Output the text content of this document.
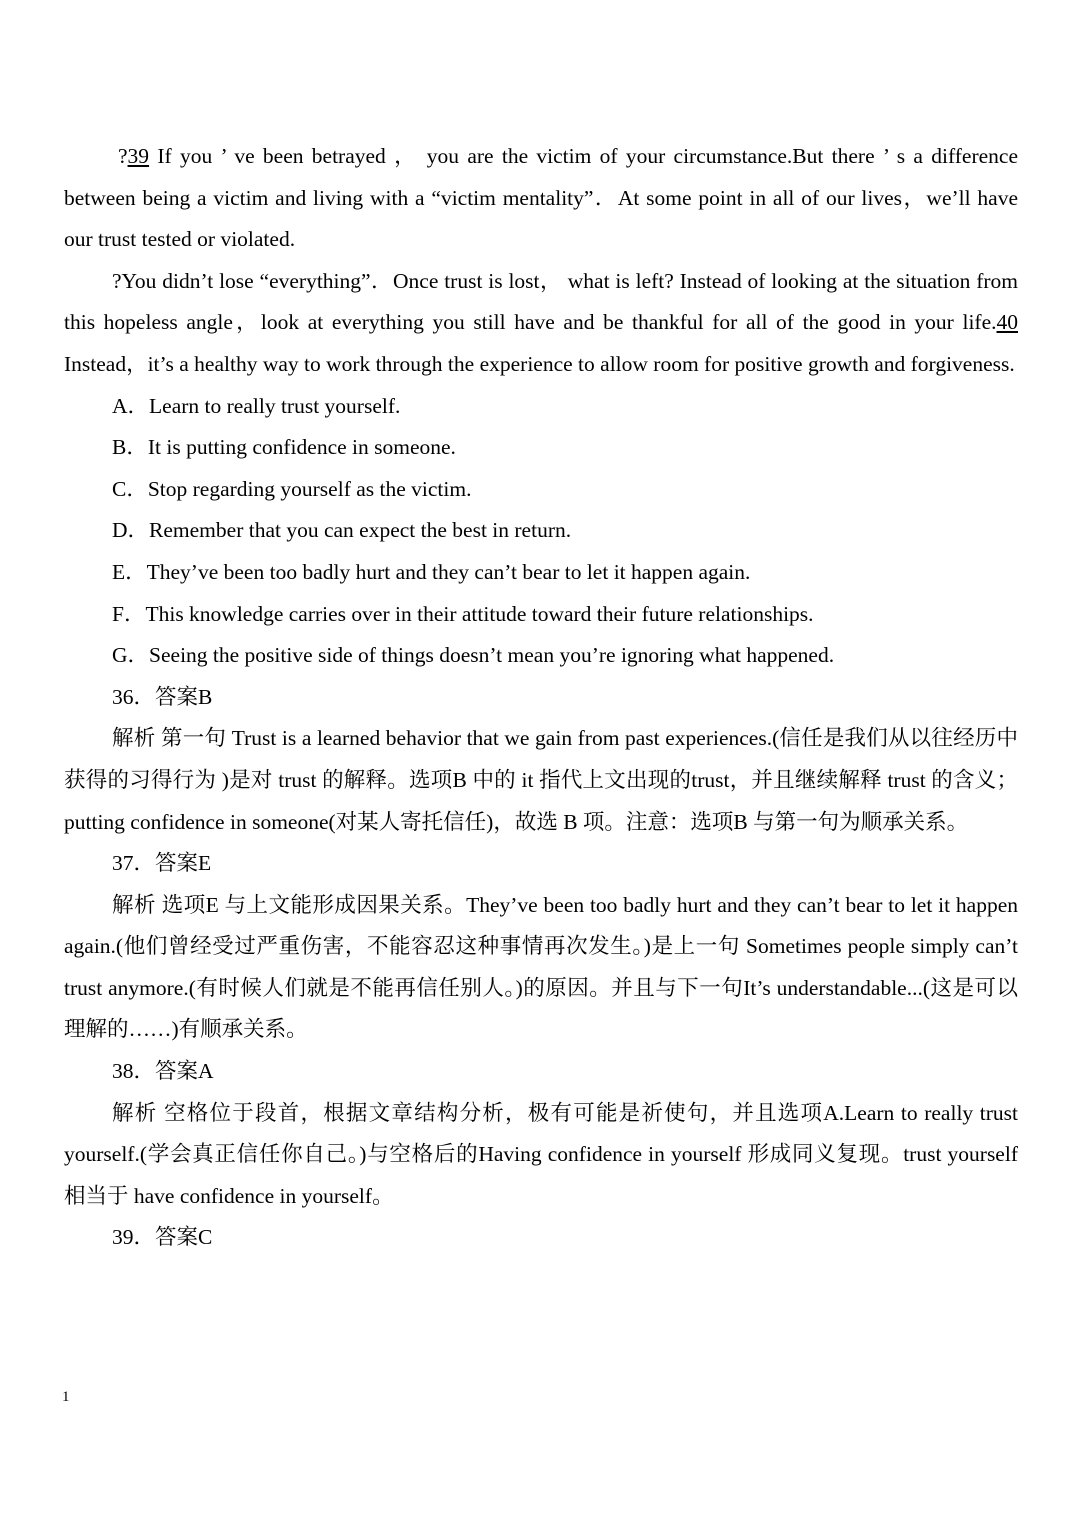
?39 If you ’ ve been betrayed ， you are the victim of your circumstance.But there ’ s a difference between being a victim and living with a “victim mentality”．At some point in all of our lives，we’ll have our trust tested or violated.

?You didn’t lose “everything”．Once trust is lost， what is left? Instead of looking at the situation from this hopeless angle，look at everything you still have and be thankful for all of the good in your life.40 Instead，it’s a healthy way to work through the experience to allow room for positive growth and forgiveness.

A．Learn to really trust yourself.

B．It is putting confidence in someone.

C．Stop regarding yourself as the victim.

D．Remember that you can expect the best in return.

E．They’ve been too badly hurt and they can’t bear to let it happen again.

F．This knowledge carries over in their attitude toward their future relationships.

G．Seeing the positive side of things doesn’t mean you’re ignoring what happened.

36．答案B

解析 第一句 Trust is a learned behavior that we gain from past experiences.(信任是我们从以往经历中获得的习得行为 )是对 trust 的解释。选项B 中的 it 指代上文出现的trust，并且继续解释 trust 的含义；putting confidence in someone(对某人寄托信任)，故选 B 项。注意：选项B 与第一句为顺承关系。

37．答案E

解析 选项E 与上文能形成因果关系。They’ve been too badly hurt and they can’t bear to let it happen again.(他们曾经受过严重伤害，不能容忍这种事情再次发生。)是上一句 Sometimes people simply can’t trust anymore.(有时候人们就是不能再信任别人。)的原因。并且与下一句It’s understandable...(这是可以理解的……)有顺承关系。

38．答案A

解析 空格位于段首，根据文章结构分析，极有可能是祈使句，并且选项A.Learn to really trust yourself.(学会真正信任你自己。)与空格后的Having confidence in yourself 形成同义复现。trust yourself 相当于 have confidence in yourself。

39．答案C

1
